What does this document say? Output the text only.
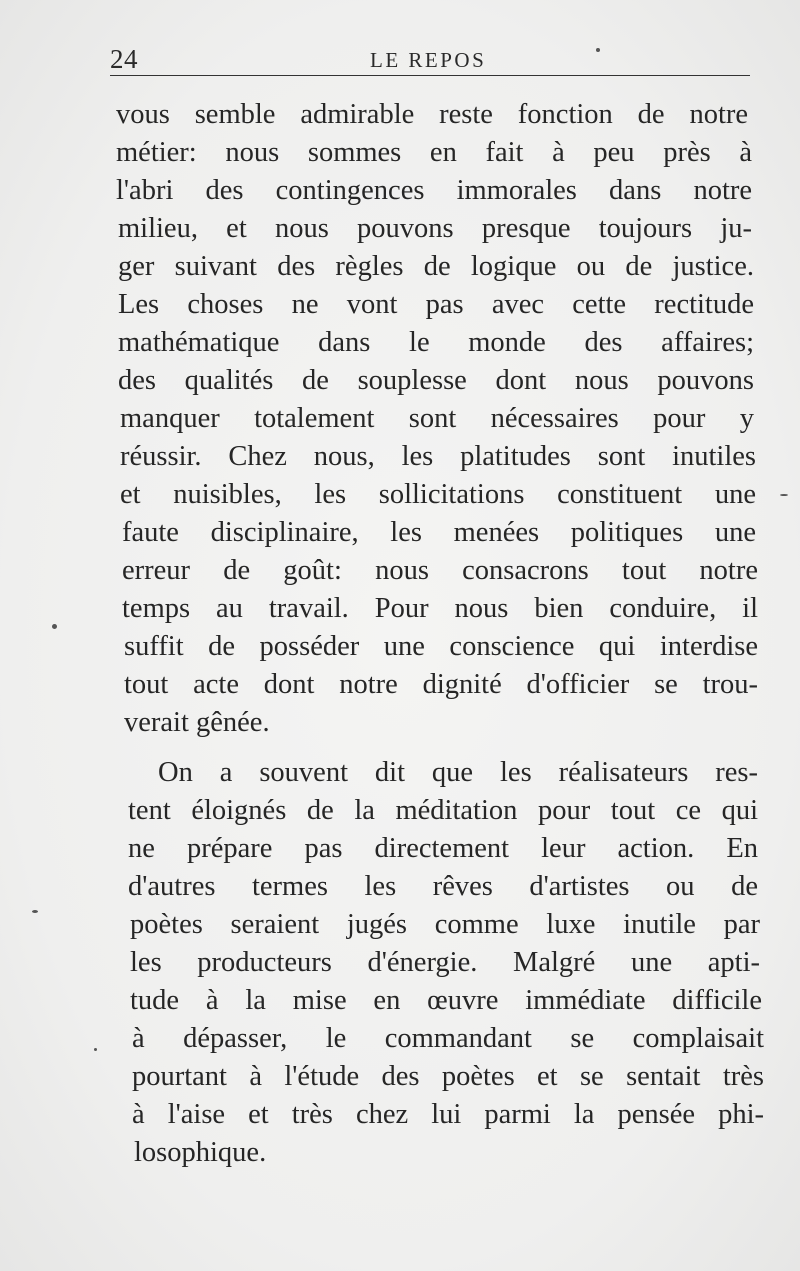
24	LE REPOS
vous semble admirable reste fonction de notre
métier: nous sommes en fait à peu près à
l'abri des contingences immorales dans notre
milieu, et nous pouvons presque toujours ju-
ger suivant des règles de logique ou de justice.
Les choses ne vont pas avec cette rectitude
mathématique dans le monde des affaires;
des qualités de souplesse dont nous pouvons
manquer totalement sont nécessaires pour y
réussir. Chez nous, les platitudes sont inutiles
et nuisibles, les sollicitations constituent une
faute disciplinaire, les menées politiques une
erreur de goût: nous consacrons tout notre
temps au travail. Pour nous bien conduire, il
suffit de posséder une conscience qui interdise
tout acte dont notre dignité d'officier se trou-
verait gênée.
On a souvent dit que les réalisateurs res-
tent éloignés de la méditation pour tout ce qui
ne prépare pas directement leur action. En
d'autres termes les rêves d'artistes ou de
poètes seraient jugés comme luxe inutile par
les producteurs d'énergie. Malgré une apti-
tude à la mise en œuvre immédiate difficile
à dépasser, le commandant se complaisait
pourtant à l'étude des poètes et se sentait très
à l'aise et très chez lui parmi la pensée phi-
losophique.
